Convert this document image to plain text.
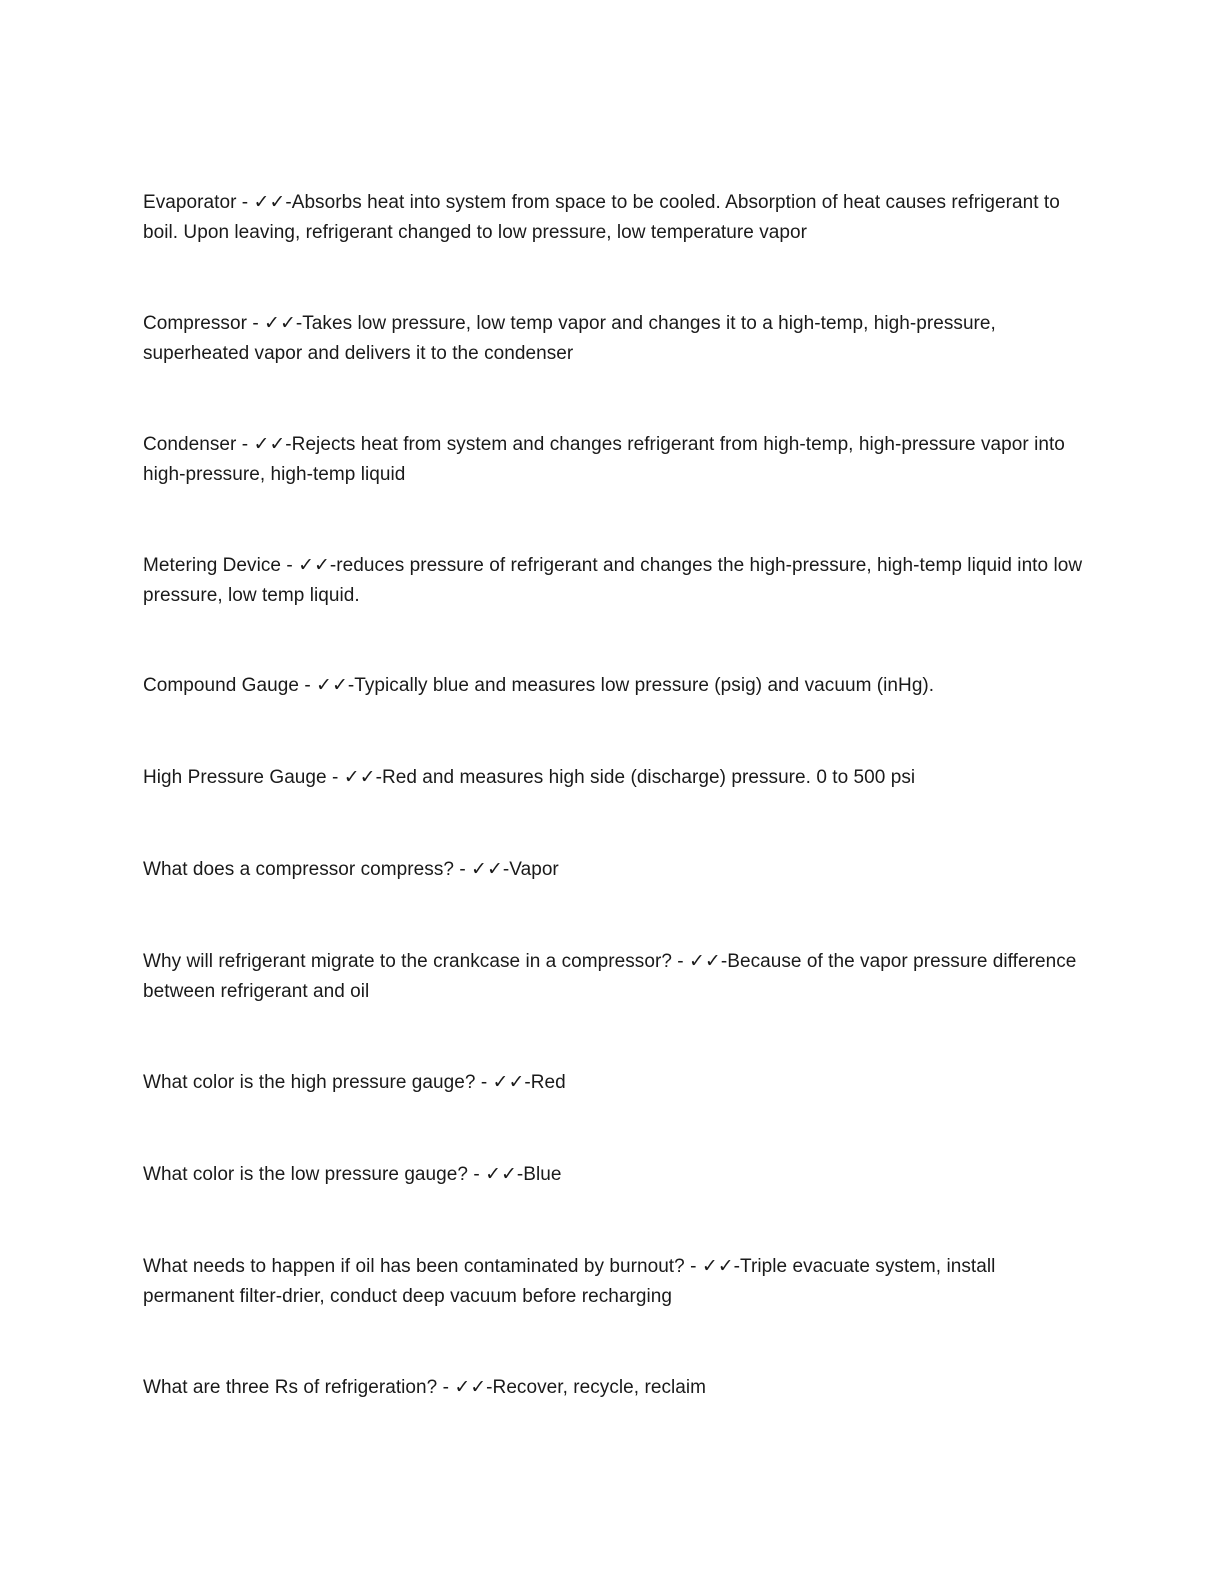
Evaporator - ✓✓-Absorbs heat into system from space to be cooled. Absorption of heat causes refrigerant to boil. Upon leaving, refrigerant changed to low pressure, low temperature vapor
Compressor - ✓✓-Takes low pressure, low temp vapor and changes it to a high-temp, high-pressure, superheated vapor and delivers it to the condenser
Condenser - ✓✓-Rejects heat from system and changes refrigerant from high-temp, high-pressure vapor into high-pressure, high-temp liquid
Metering Device - ✓✓-reduces pressure of refrigerant and changes the high-pressure, high-temp liquid into low pressure, low temp liquid.
Compound Gauge - ✓✓-Typically blue and measures low pressure (psig) and vacuum (inHg).
High Pressure Gauge - ✓✓-Red and measures high side (discharge) pressure. 0 to 500 psi
What does a compressor compress? - ✓✓-Vapor
Why will refrigerant migrate to the crankcase in a compressor? - ✓✓-Because of the vapor pressure difference between refrigerant and oil
What color is the high pressure gauge? - ✓✓-Red
What color is the low pressure gauge? - ✓✓-Blue
What needs to happen if oil has been contaminated by burnout? - ✓✓-Triple evacuate system, install permanent filter-drier, conduct deep vacuum before recharging
What are three Rs of refrigeration? - ✓✓-Recover, recycle, reclaim
